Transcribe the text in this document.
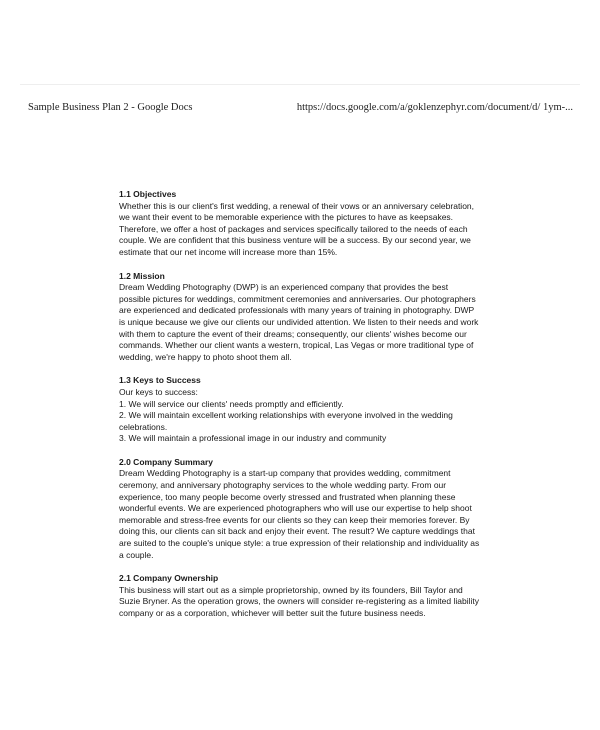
Sample Business Plan 2 - Google Docs	https://docs.google.com/a/goklenzephyr.com/document/d/ 1ym-...
1.1 Objectives

Whether this is our client's first wedding, a renewal of their vows or an anniversary celebration,
we want their event to be memorable experience with the pictures to have as keepsakes.
Therefore, we offer a host of packages and services specifically tailored to the needs of each
couple. We are confident that this business venture will be a success. By our second year, we
estimate that our net income will increase more than 15%.

1.2 Mission

Dream Wedding Photography (DWP) is an experienced company that provides the best
possible pictures for weddings, commitment ceremonies and anniversaries. Our photographers
are experienced and dedicated professionals with many years of training in photography. DWP
is unique because we give our clients our undivided attention. We listen to their needs and work
with them to capture the event of their dreams; consequently, our clients' wishes become our
commands. Whether our client wants a western, tropical, Las Vegas or more traditional type of
wedding, we're happy to photo shoot them all.

1.3 Keys to Success

Our keys to success:
1. We will service our clients' needs promptly and efficiently.
2. We will maintain excellent working relationships with everyone involved in the wedding
celebrations.
3. We will maintain a professional image in our industry and community

2.0 Company Summary

Dream Wedding Photography is a start-up company that provides wedding, commitment
ceremony, and anniversary photography services to the whole wedding party. From our
experience, too many people become overly stressed and frustrated when planning these
wonderful events. We are experienced photographers who will use our expertise to help shoot
memorable and stress-free events for our clients so they can keep their memories forever. By
doing this, our clients can sit back and enjoy their event. The result? We capture weddings that
are suited to the couple's unique style: a true expression of their relationship and individuality as
a couple.

2.1 Company Ownership

This business will start out as a simple proprietorship, owned by its founders, Bill Taylor and
Suzie Bryner. As the operation grows, the owners will consider re-registering as a limited liability
company or as a corporation, whichever will better suit the future business needs.
